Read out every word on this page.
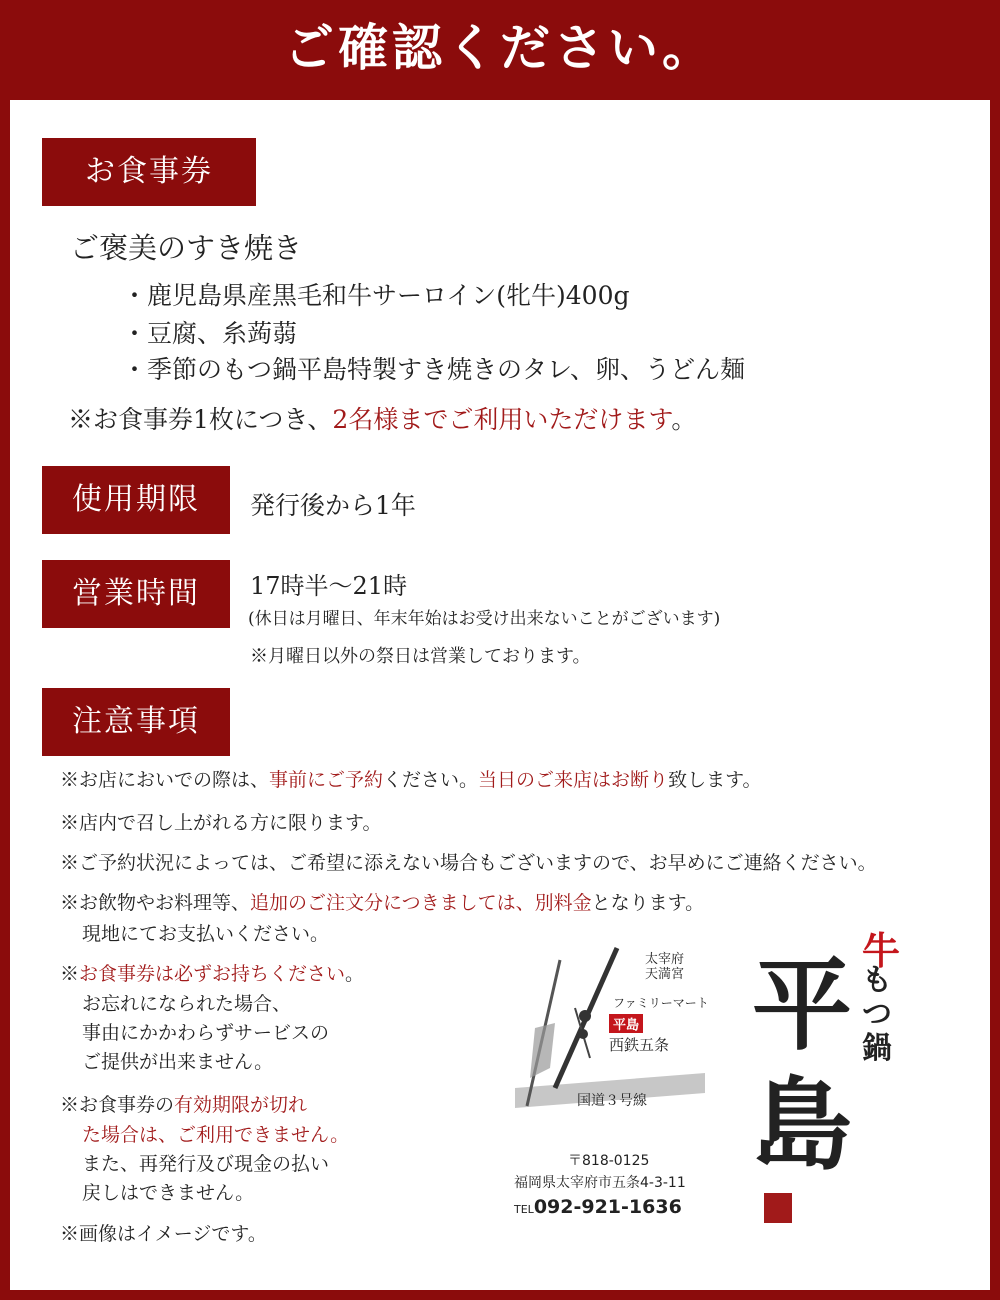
ご確認ください。
お食事券
ご褒美のすき焼き
・鹿児島県産黒毛和牛サーロイン(牝牛)400g
・豆腐、糸蒟蒻
・季節のもつ鍋平島特製すき焼きのタレ、卵、うどん麺
※お食事券1枚につき、2名様までご利用いただけます。
使用期限	発行後から1年
営業時間	17時半～21時
(休日は月曜日、年末年始はお受け出来ないことがございます)
※月曜日以外の祭日は営業しております。
注意事項
※お店においでの際は、事前にご予約ください。当日のご来店はお断り致します。
※店内で召し上がれる方に限ります。
※ご予約状況によっては、ご希望に添えない場合もございますので、お早めにご連絡ください。
※お飲物やお料理等、追加のご注文分につきましては、別料金となります。
現地にてお支払いください。
※お食事券は必ずお持ちください。
お忘れになられた場合、
事由にかかわらずサービスの
ご提供が出来ません。
※お食事券の有効期限が切れ
た場合は、ご利用できません。
また、再発行及び現金の払い
戻しはできません。
※画像はイメージです。
太宰府
天満宮
ファミリーマート
平島
西鉄五条
国道３号線
〒818-0125
福岡県太宰府市五条4-3-11
TEL092-921-1636
牛
もつ鍋
平
島
